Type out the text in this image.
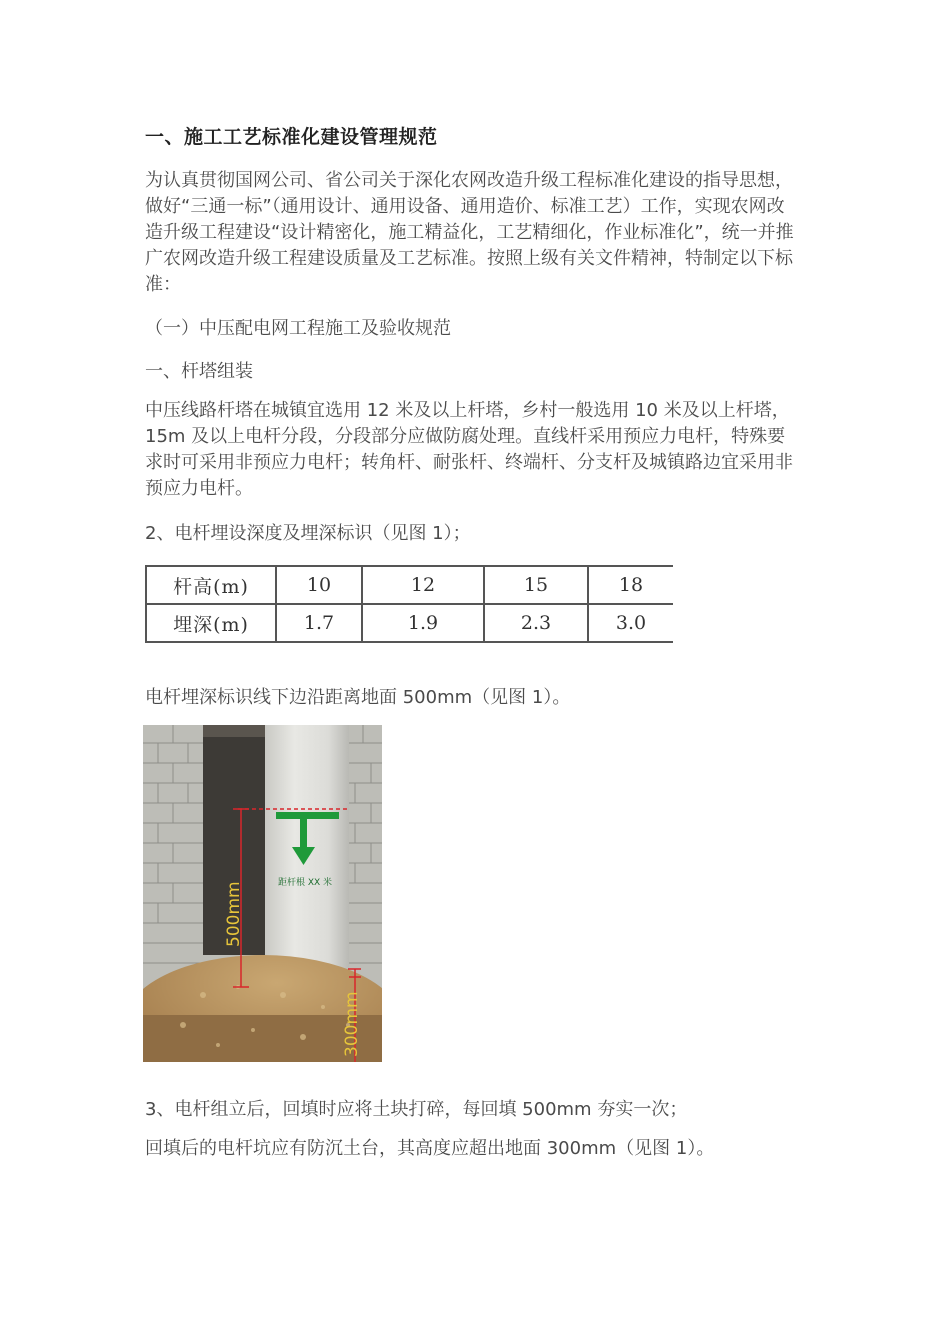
一、施工工艺标准化建设管理规范
为认真贯彻国网公司、省公司关于深化农网改造升级工程标准化建设的指导思想，做好“三通一标”（通用设计、通用设备、通用造价、标准工艺）工作，实现农网改造升级工程建设“设计精密化，施工精益化，工艺精细化，作业标准化”，统一并推广农网改造升级工程建设质量及工艺标准。按照上级有关文件精神，特制定以下标准：
（一）中压配电网工程施工及验收规范
一、杆塔组装
中压线路杆塔在城镇宜选用 12 米及以上杆塔，乡村一般选用 10 米及以上杆塔，15m 及以上电杆分段，分段部分应做防腐处理。直线杆采用预应力电杆，特殊要求时可采用非预应力电杆；转角杆、耐张杆、终端杆、分支杆及城镇路边宜采用非预应力电杆。
2、电杆埋设深度及埋深标识（见图 1）；
杆高(m)	10	12	15	18
埋深(m)	1.7	1.9	2.3	3.0
电杆埋深标识线下边沿距离地面 500mm（见图 1）。
距杆根 XX 米
500mm
300mm
3、电杆组立后，回填时应将土块打碎，每回填 500mm 夯实一次；
回填后的电杆坑应有防沉土台，其高度应超出地面 300mm（见图 1）。
